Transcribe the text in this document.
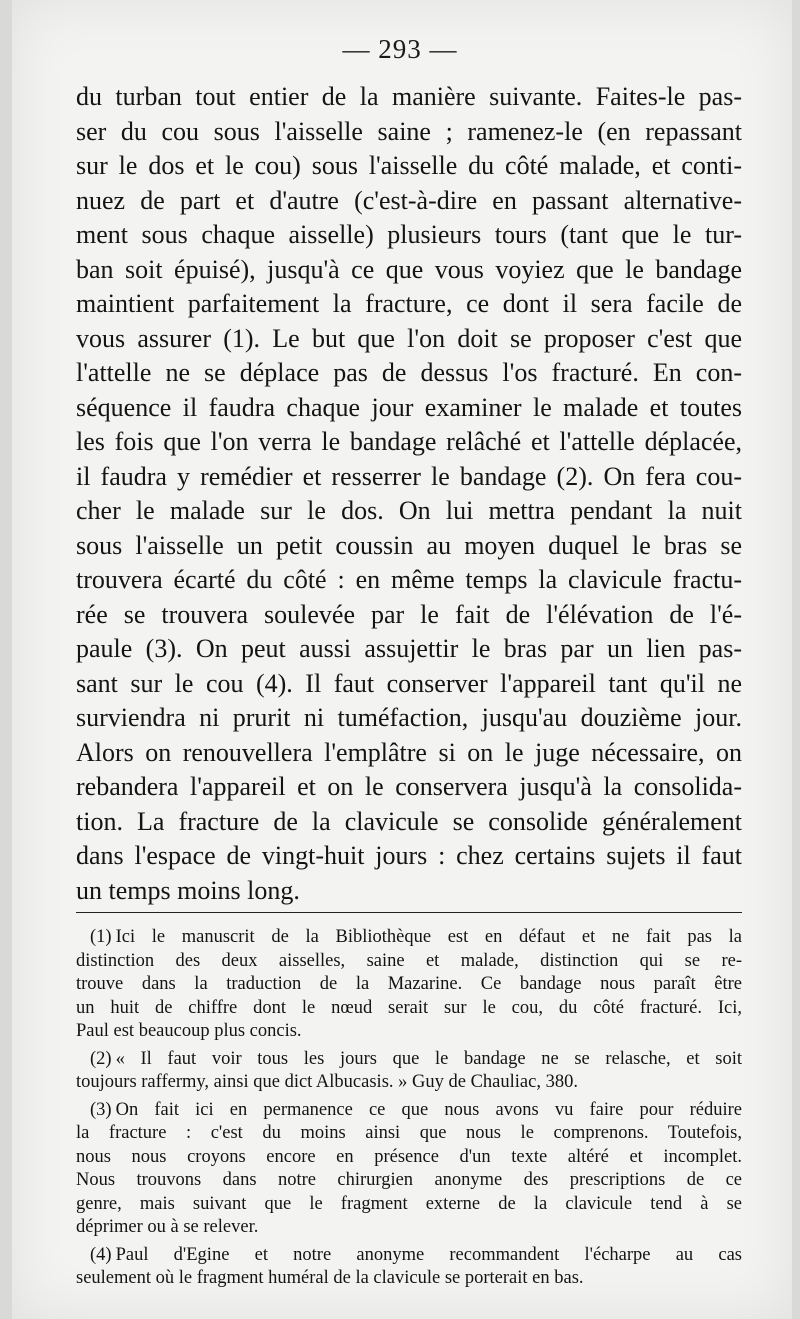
— 293 —
du turban tout entier de la manière suivante. Faites-le pas-
ser du cou sous l'aisselle saine ; ramenez-le (en repassant
sur le dos et le cou) sous l'aisselle du côté malade, et conti-
nuez de part et d'autre (c'est-à-dire en passant alternative-
ment sous chaque aisselle) plusieurs tours (tant que le tur-
ban soit épuisé), jusqu'à ce que vous voyiez que le bandage
maintient parfaitement la fracture, ce dont il sera facile de
vous assurer (1). Le but que l'on doit se proposer c'est que
l'attelle ne se déplace pas de dessus l'os fracturé. En con-
séquence il faudra chaque jour examiner le malade et toutes
les fois que l'on verra le bandage relâché et l'attelle déplacée,
il faudra y remédier et resserrer le bandage (2). On fera cou-
cher le malade sur le dos. On lui mettra pendant la nuit
sous l'aisselle un petit coussin au moyen duquel le bras se
trouvera écarté du côté : en même temps la clavicule fractu-
rée se trouvera soulevée par le fait de l'élévation de l'é-
paule (3). On peut aussi assujettir le bras par un lien pas-
sant sur le cou (4). Il faut conserver l'appareil tant qu'il ne
surviendra ni prurit ni tuméfaction, jusqu'au douzième jour.
Alors on renouvellera l'emplâtre si on le juge nécessaire, on
rebandera l'appareil et on le conservera jusqu'à la consolida-
tion. La fracture de la clavicule se consolide généralement
dans l'espace de vingt-huit jours : chez certains sujets il faut
un temps moins long.
(1) Ici le manuscrit de la Bibliothèque est en défaut et ne fait pas la
distinction des deux aisselles, saine et malade, distinction qui se re-
trouve dans la traduction de la Mazarine. Ce bandage nous paraît être
un huit de chiffre dont le nœud serait sur le cou, du côté fracturé. Ici,
Paul est beaucoup plus concis.
(2) « Il faut voir tous les jours que le bandage ne se relasche, et soit
toujours raffermy, ainsi que dict Albucasis. » Guy de Chauliac, 380.
(3) On fait ici en permanence ce que nous avons vu faire pour réduire
la fracture : c'est du moins ainsi que nous le comprenons. Toutefois,
nous nous croyons encore en présence d'un texte altéré et incomplet.
Nous trouvons dans notre chirurgien anonyme des prescriptions de ce
genre, mais suivant que le fragment externe de la clavicule tend à se
déprimer ou à se relever.
(4) Paul d'Egine et notre anonyme recommandent l'écharpe au cas
seulement où le fragment huméral de la clavicule se porterait en bas.
